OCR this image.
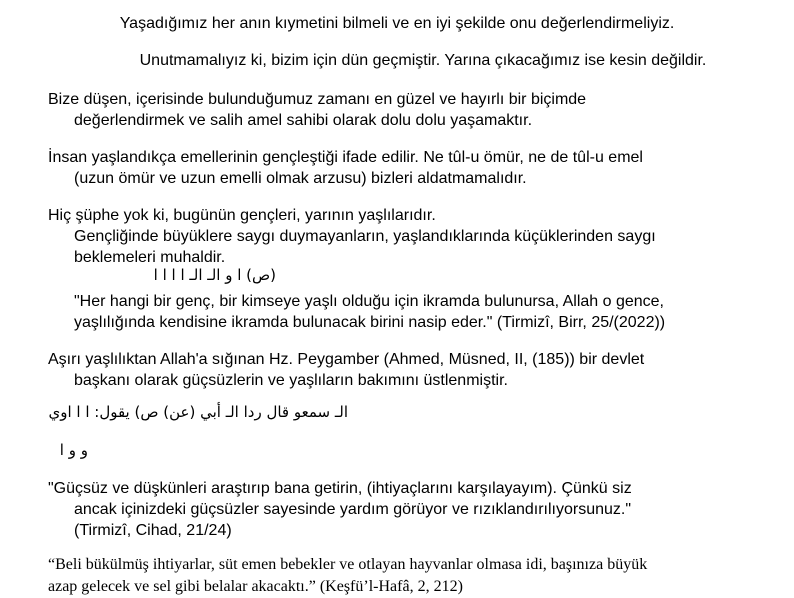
Yaşadığımız her anın kıymetini bilmeli ve en iyi şekilde onu değerlendirmeliyiz.
Unutmamalıyız ki, bizim için dün geçmiştir. Yarına çıkacağımız ise kesin değildir.
Bize düşen, içerisinde bulunduğumuz zamanı en güzel ve hayırlı bir biçimde
değerlendirmek ve salih amel sahibi olarak dolu dolu yaşamaktır.
İnsan yaşlandıkça emellerinin gençleştiği ifade edilir. Ne tûl-u ömür, ne de tûl-u emel
(uzun ömür ve uzun emelli olmak arzusu) bizleri aldatmamalıdır.
Hiç şüphe yok ki, bugünün gençleri, yarının yaşlılarıdır.
Gençliğinde büyüklere saygı duymayanların, yaşlandıklarında küçüklerinden saygı
beklemeleri muhaldir.
(ص) ا و الـ الـ ا ا ا ا
"Her hangi bir genç, bir kimseye yaşlı olduğu için ikramda bulunursa, Allah o gence,
yaşlılığında kendisine ikramda bulunacak birini nasip eder." (Tirmizî, Birr, 25/(2022))
Aşırı yaşlılıktan Allah'a sığınan Hz. Peygamber (Ahmed, Müsned, II, (185)) bir devlet
başkanı olarak güçsüzlerin ve yaşlıların bakımını üstlenmiştir.
الـ سمعو قال ردا الـ أبي (عن) ص) يقول: ا ا اوي
و و ا
"Güçsüz ve düşkünleri araştırıp bana getirin, (ihtiyaçlarını karşılayayım). Çünkü siz
ancak içinizdeki güçsüzler sayesinde yardım görüyor ve rızıklandırılıyorsunuz."
(Tirmizî, Cihad, 21/24)
“Beli bükülmüş ihtiyarlar, süt emen bebekler ve otlayan hayvanlar olmasa idi, başınıza büyük
azap gelecek ve sel gibi belalar akacaktı.” (Keşfü’l-Hafâ, 2, 212)
